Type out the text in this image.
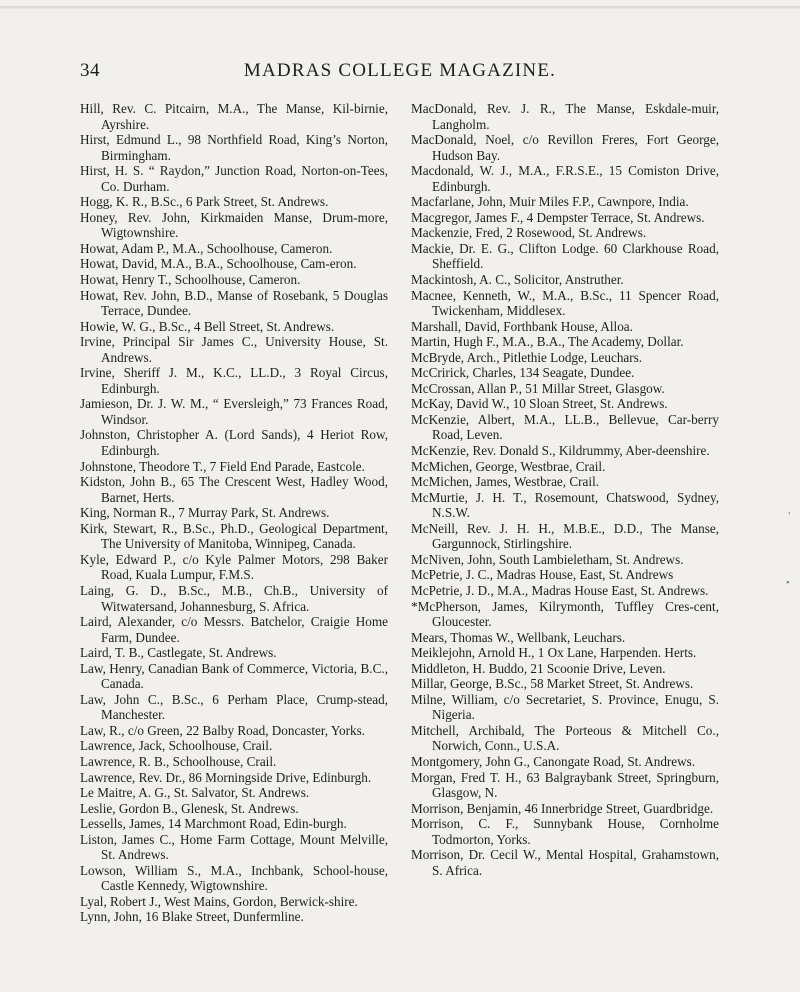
34	MADRAS COLLEGE MAGAZINE.

Hill, Rev. C. Pitcairn, M.A., The Manse, Kil-birnie, Ayrshire.

Hirst, Edmund L., 98 Northfield Road, King’s Norton, Birmingham.

Hirst, H. S. “ Raydon,” Junction Road, Norton-on-Tees, Co. Durham.

Hogg, K. R., B.Sc., 6 Park Street, St. Andrews.

Honey, Rev. John, Kirkmaiden Manse, Drum-more, Wigtownshire.

Howat, Adam P., M.A., Schoolhouse, Cameron.

Howat, David, M.A., B.A., Schoolhouse, Cam-eron.

Howat, Henry T., Schoolhouse, Cameron.

Howat, Rev. John, B.D., Manse of Rosebank, 5 Douglas Terrace, Dundee.

Howie, W. G., B.Sc., 4 Bell Street, St. Andrews.

Irvine, Principal Sir James C., University House, St. Andrews.

Irvine, Sheriff J. M., K.C., LL.D., 3 Royal Circus, Edinburgh.

Jamieson, Dr. J. W. M., “ Eversleigh,” 73 Frances Road, Windsor.

Johnston, Christopher A. (Lord Sands), 4 Heriot Row, Edinburgh.

Johnstone, Theodore T., 7 Field End Parade, Eastcole.

Kidston, John B., 65 The Crescent West, Hadley Wood, Barnet, Herts.

King, Norman R., 7 Murray Park, St. Andrews.

Kirk, Stewart, R., B.Sc., Ph.D., Geological Department, The University of Manitoba, Winnipeg, Canada.

Kyle, Edward P., c/o Kyle Palmer Motors, 298 Baker Road, Kuala Lumpur, F.M.S.

Laing, G. D., B.Sc., M.B., Ch.B., University of Witwatersand, Johannesburg, S. Africa.

Laird, Alexander, c/o Messrs. Batchelor, Craigie Home Farm, Dundee.

Laird, T. B., Castlegate, St. Andrews.

Law, Henry, Canadian Bank of Commerce, Victoria, B.C., Canada.

Law, John C., B.Sc., 6 Perham Place, Crump-stead, Manchester.

Law, R., c/o Green, 22 Balby Road, Doncaster, Yorks.

Lawrence, Jack, Schoolhouse, Crail.

Lawrence, R. B., Schoolhouse, Crail.

Lawrence, Rev. Dr., 86 Morningside Drive, Edinburgh.

Le Maitre, A. G., St. Salvator, St. Andrews.

Leslie, Gordon B., Glenesk, St. Andrews.

Lessells, James, 14 Marchmont Road, Edin-burgh.

Liston, James C., Home Farm Cottage, Mount Melville, St. Andrews.

Lowson, William S., M.A., Inchbank, School-house, Castle Kennedy, Wigtownshire.

Lyal, Robert J., West Mains, Gordon, Berwick-shire.

Lynn, John, 16 Blake Street, Dunfermline.

MacDonald, Rev. J. R., The Manse, Eskdale-muir, Langholm.

MacDonald, Noel, c/o Revillon Freres, Fort George, Hudson Bay.

Macdonald, W. J., M.A., F.R.S.E., 15 Comiston Drive, Edinburgh.

Macfarlane, John, Muir Miles F.P., Cawnpore, India.

Macgregor, James F., 4 Dempster Terrace, St. Andrews.

Mackenzie, Fred, 2 Rosewood, St. Andrews.

Mackie, Dr. E. G., Clifton Lodge. 60 Clarkhouse Road, Sheffield.

Mackintosh, A. C., Solicitor, Anstruther.

Macnee, Kenneth, W., M.A., B.Sc., 11 Spencer Road, Twickenham, Middlesex.

Marshall, David, Forthbank House, Alloa.

Martin, Hugh F., M.A., B.A., The Academy, Dollar.

McBryde, Arch., Pitlethie Lodge, Leuchars.

McCririck, Charles, 134 Seagate, Dundee.

McCrossan, Allan P., 51 Millar Street, Glasgow.

McKay, David W., 10 Sloan Street, St. Andrews.

McKenzie, Albert, M.A., LL.B., Bellevue, Car-berry Road, Leven.

McKenzie, Rev. Donald S., Kildrummy, Aber-deenshire.

McMichen, George, Westbrae, Crail.

McMichen, James, Westbrae, Crail.

McMurtie, J. H. T., Rosemount, Chatswood, Sydney, N.S.W.

McNeill, Rev. J. H. H., M.B.E., D.D., The Manse, Gargunnock, Stirlingshire.

McNiven, John, South Lambieletham, St. Andrews.

McPetrie, J. C., Madras House, East, St. Andrews

McPetrie, J. D., M.A., Madras House East, St. Andrews.

*McPherson, James, Kilrymonth, Tuffley Cres-cent, Gloucester.

Mears, Thomas W., Wellbank, Leuchars.

Meiklejohn, Arnold H., 1 Ox Lane, Harpenden. Herts.

Middleton, H. Buddo, 21 Scoonie Drive, Leven.

Millar, George, B.Sc., 58 Market Street, St. Andrews.

Milne, William, c/o Secretariet, S. Province, Enugu, S. Nigeria.

Mitchell, Archibald, The Porteous & Mitchell Co., Norwich, Conn., U.S.A.

Montgomery, John G., Canongate Road, St. Andrews.

Morgan, Fred T. H., 63 Balgraybank Street, Springburn, Glasgow, N.

Morrison, Benjamin, 46 Innerbridge Street, Guardbridge.

Morrison, C. F., Sunnybank House, Cornholme Todmorton, Yorks.

Morrison, Dr. Cecil W., Mental Hospital, Grahamstown, S. Africa.

,
•
